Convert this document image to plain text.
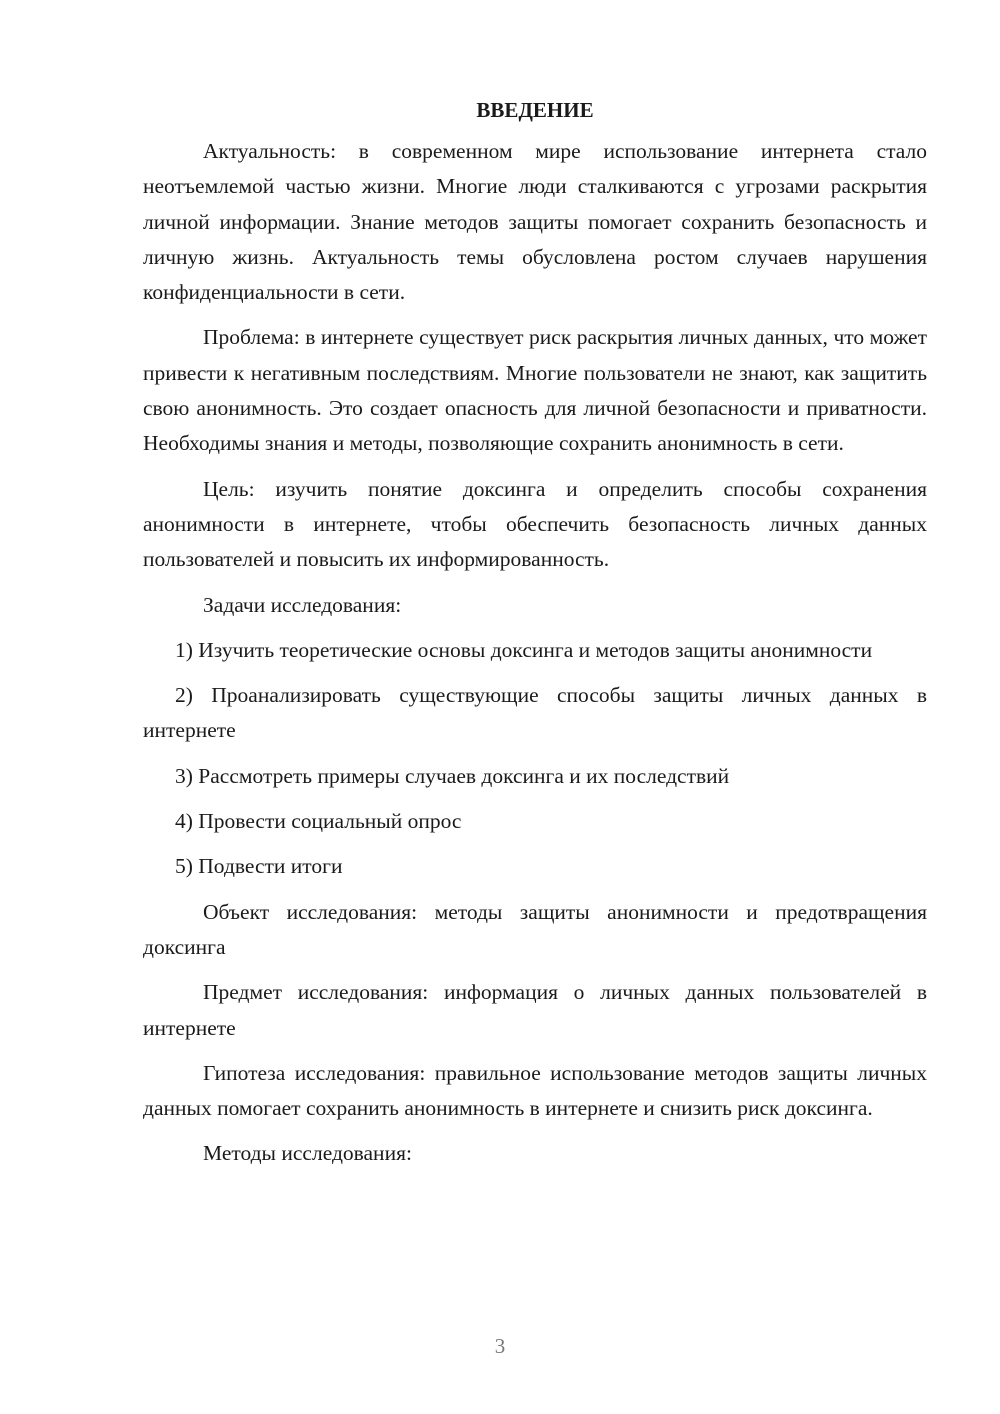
ВВЕДЕНИЕ

Актуальность: в современном мире использование интернета стало неотъемлемой частью жизни. Многие люди сталкиваются с угрозами раскрытия личной информации. Знание методов защиты помогает сохранить безопасность и личную жизнь. Актуальность темы обусловлена ростом случаев нарушения конфиденциальности в сети.

Проблема: в интернете существует риск раскрытия личных данных, что может привести к негативным последствиям. Многие пользователи не знают, как защитить свою анонимность. Это создает опасность для личной безопасности и приватности. Необходимы знания и методы, позволяющие сохранить анонимность в сети.

Цель: изучить понятие доксинга и определить способы сохранения анонимности в интернете, чтобы обеспечить безопасность личных данных пользователей и повысить их информированность.

Задачи исследования:

1) Изучить теоретические основы доксинга и методов защиты анонимности

2) Проанализировать существующие способы защиты личных данных в интернете

3) Рассмотреть примеры случаев доксинга и их последствий

4) Провести социальный опрос

5) Подвести итоги

Объект исследования: методы защиты анонимности и предотвращения доксинга

Предмет исследования: информация о личных данных пользователей в интернете

Гипотеза исследования: правильное использование методов защиты личных данных помогает сохранить анонимность в интернете и снизить риск доксинга.

Методы исследования:

3
